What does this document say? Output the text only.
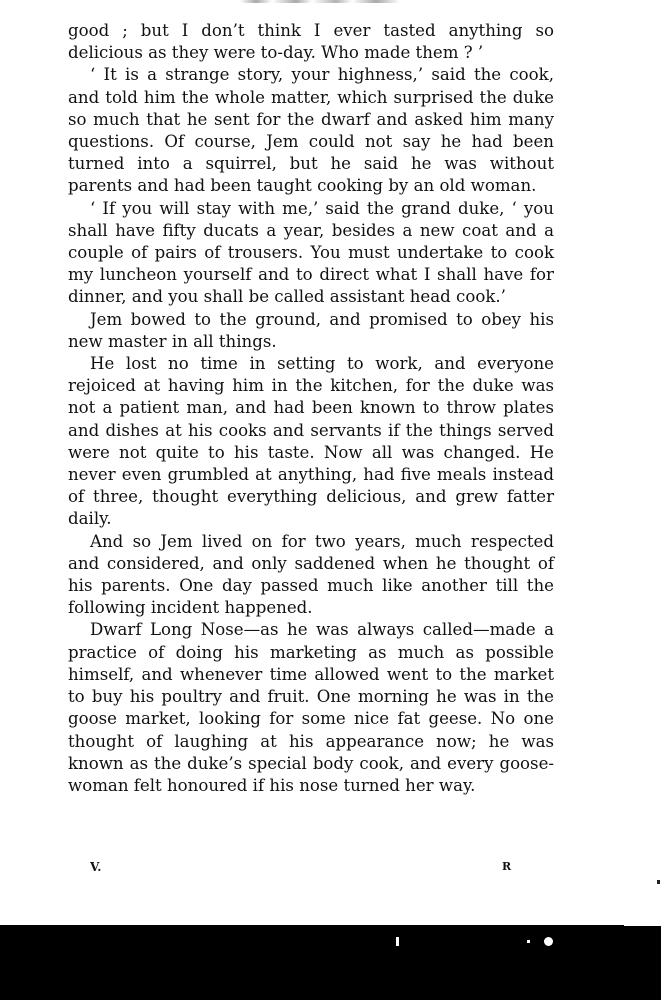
good ; but I don’t think I ever tasted anything so delicious as they were to-day. Who made them ? ’

‘ It is a strange story, your highness,’ said the cook, and told him the whole matter, which surprised the duke so much that he sent for the dwarf and asked him many questions. Of course, Jem could not say he had been turned into a squirrel, but he said he was without parents and had been taught cooking by an old woman.

‘ If you will stay with me,’ said the grand duke, ‘ you shall have fifty ducats a year, besides a new coat and a couple of pairs of trousers. You must undertake to cook my luncheon yourself and to direct what I shall have for dinner, and you shall be called assistant head cook.’

Jem bowed to the ground, and promised to obey his new master in all things.

He lost no time in setting to work, and everyone rejoiced at having him in the kitchen, for the duke was not a patient man, and had been known to throw plates and dishes at his cooks and servants if the things served were not quite to his taste. Now all was changed. He never even grumbled at anything, had five meals instead of three, thought everything delicious, and grew fatter daily.

And so Jem lived on for two years, much respected and considered, and only saddened when he thought of his parents. One day passed much like another till the following incident happened.

Dwarf Long Nose—as he was always called—made a practice of doing his marketing as much as possible himself, and whenever time allowed went to the market to buy his poultry and fruit. One morning he was in the goose market, looking for some nice fat geese. No one thought of laughing at his appearance now; he was known as the duke’s special body cook, and every goose-woman felt honoured if his nose turned her way.

V.	R
